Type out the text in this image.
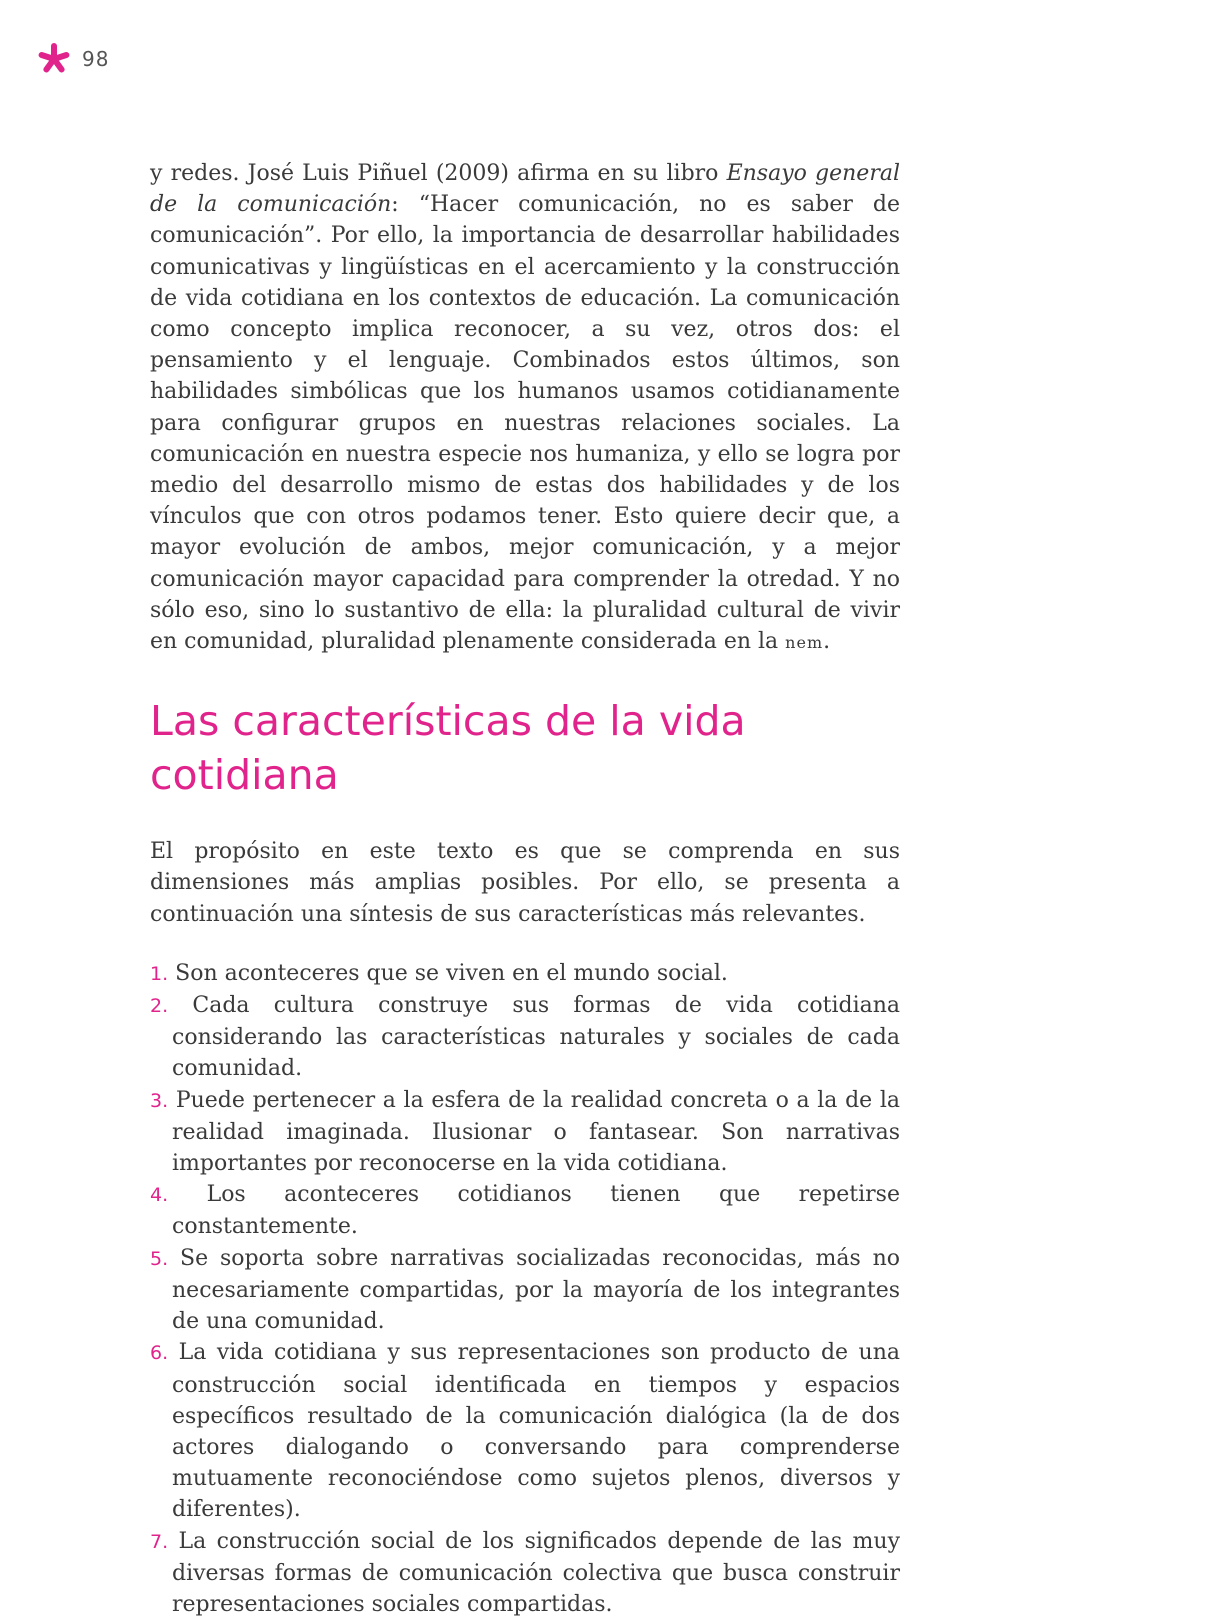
98

y redes. José Luis Piñuel (2009) afirma en su libro Ensayo general de la comunicación: “Hacer comunicación, no es saber de comunicación”. Por ello, la importancia de desarrollar habilidades comunicativas y lingüísticas en el acercamiento y la construcción de vida cotidiana en los contextos de educación. La comunicación como concepto implica reconocer, a su vez, otros dos: el pensamiento y el lenguaje. Combinados estos últimos, son habilidades simbólicas que los humanos usamos cotidianamente para configurar grupos en nuestras relaciones sociales. La comunicación en nuestra especie nos humaniza, y ello se logra por medio del desarrollo mismo de estas dos habilidades y de los vínculos que con otros podamos tener. Esto quiere decir que, a mayor evolución de ambos, mejor comunicación, y a mejor comunicación mayor capacidad para comprender la otredad. Y no sólo eso, sino lo sustantivo de ella: la pluralidad cultural de vivir en comunidad, pluralidad plenamente considerada en la nem.

Las características de la vida cotidiana

El propósito en este texto es que se comprenda en sus dimensiones más amplias posibles. Por ello, se presenta a continuación una síntesis de sus características más relevantes.

1. Son aconteceres que se viven en el mundo social.
2. Cada cultura construye sus formas de vida cotidiana considerando las características naturales y sociales de cada comunidad.
3. Puede pertenecer a la esfera de la realidad concreta o a la de la realidad imaginada. Ilusionar o fantasear. Son narrativas importantes por reconocerse en la vida cotidiana.
4. Los aconteceres cotidianos tienen que repetirse constantemente.
5. Se soporta sobre narrativas socializadas reconocidas, más no necesariamente compartidas, por la mayoría de los integrantes de una comunidad.
6. La vida cotidiana y sus representaciones son producto de una construcción social identificada en tiempos y espacios específicos resultado de la comunicación dialógica (la de dos actores dialogando o conversando para comprenderse mutuamente reconociéndose como sujetos plenos, diversos y diferentes).
7. La construcción social de los significados depende de las muy diversas formas de comunicación colectiva que busca construir representaciones sociales compartidas.
